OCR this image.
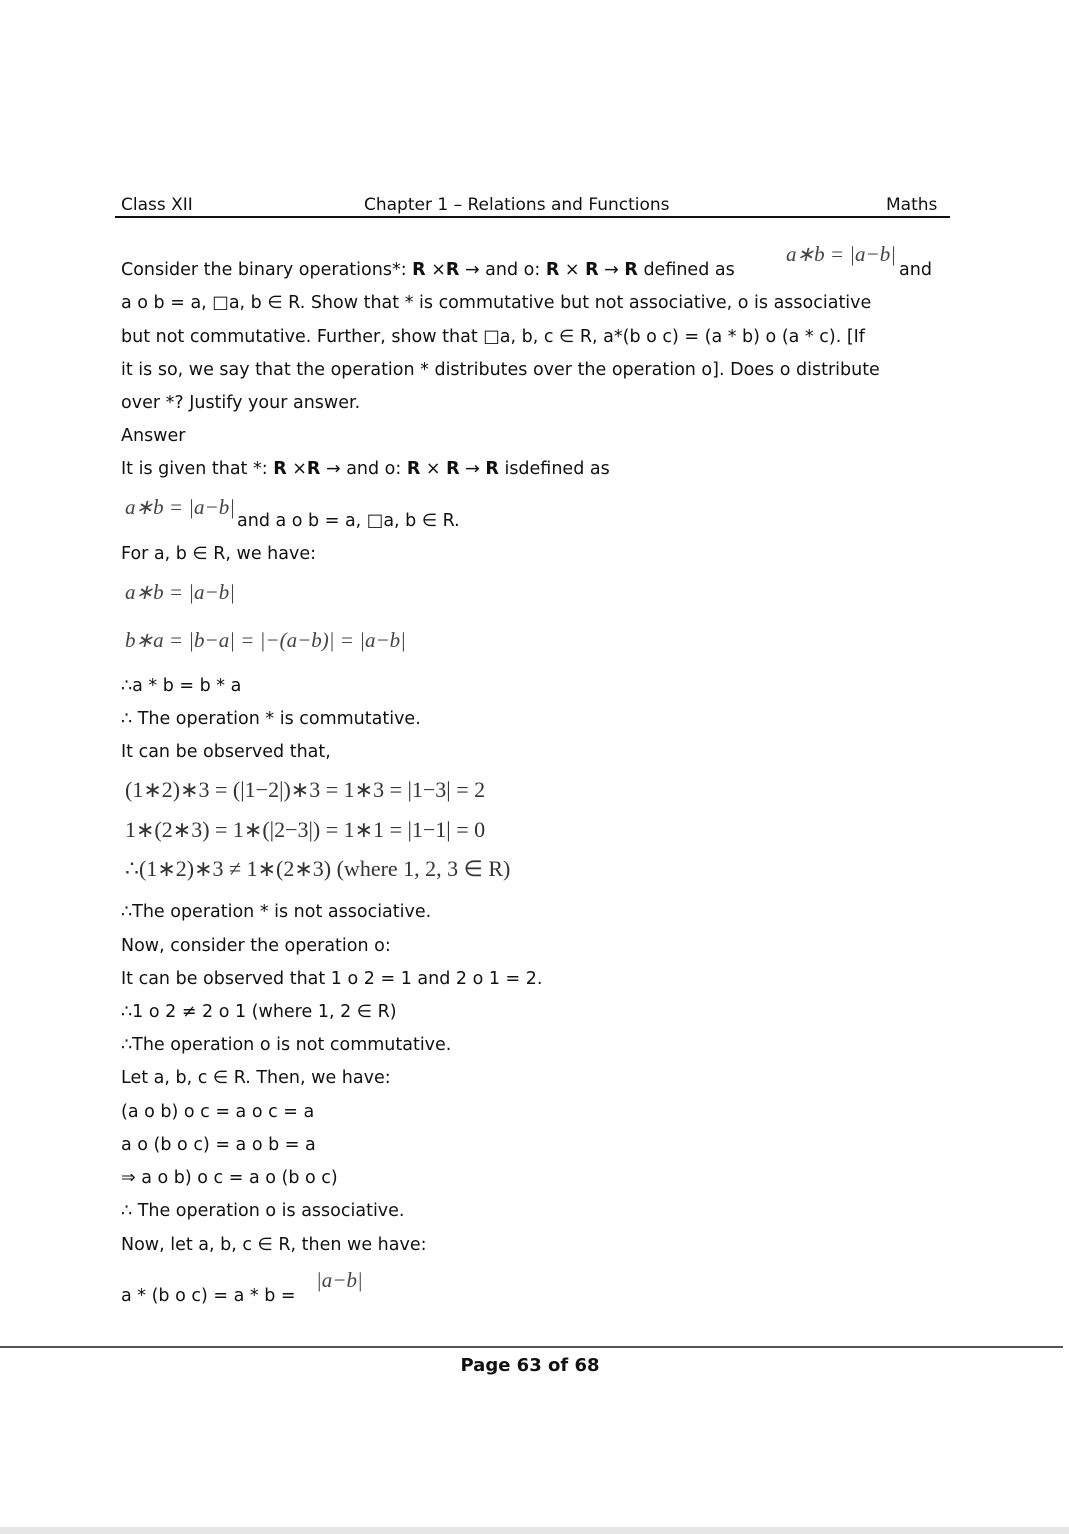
Class XII	Chapter 1 – Relations and Functions	Maths
Consider the binary operations*: R ×R → and o: R × R → R defined as
a∗b = |a−b|
and
a o b = a, □a, b ∈ R. Show that * is commutative but not associative, o is associative
but not commutative. Further, show that □a, b, c ∈ R, a*(b o c) = (a * b) o (a * c). [If
it is so, we say that the operation * distributes over the operation o]. Does o distribute
over *? Justify your answer.
Answer
It is given that *: R ×R → and o: R × R → R isdefined as
a∗b = |a−b|
and a o b = a, □a, b ∈ R.
For a, b ∈ R, we have:
a∗b = |a−b|
b∗a = |b−a| = |−(a−b)| = |a−b|
∴a * b = b * a
∴ The operation * is commutative.
It can be observed that,
(1∗2)∗3 = (|1−2|)∗3 = 1∗3 = |1−3| = 2
1∗(2∗3) = 1∗(|2−3|) = 1∗1 = |1−1| = 0
∴(1∗2)∗3 ≠ 1∗(2∗3) (where 1, 2, 3 ∈ R)
∴The operation * is not associative.
Now, consider the operation o:
It can be observed that 1 o 2 = 1 and 2 o 1 = 2.
∴1 o 2 ≠ 2 o 1 (where 1, 2 ∈ R)
∴The operation o is not commutative.
Let a, b, c ∈ R. Then, we have:
(a o b) o c = a o c = a
a o (b o c) = a o b = a
⇒ a o b) o c = a o (b o c)
∴ The operation o is associative.
Now, let a, b, c ∈ R, then we have:
a * (b o c) = a * b =
|a−b|
Page 63 of 68
